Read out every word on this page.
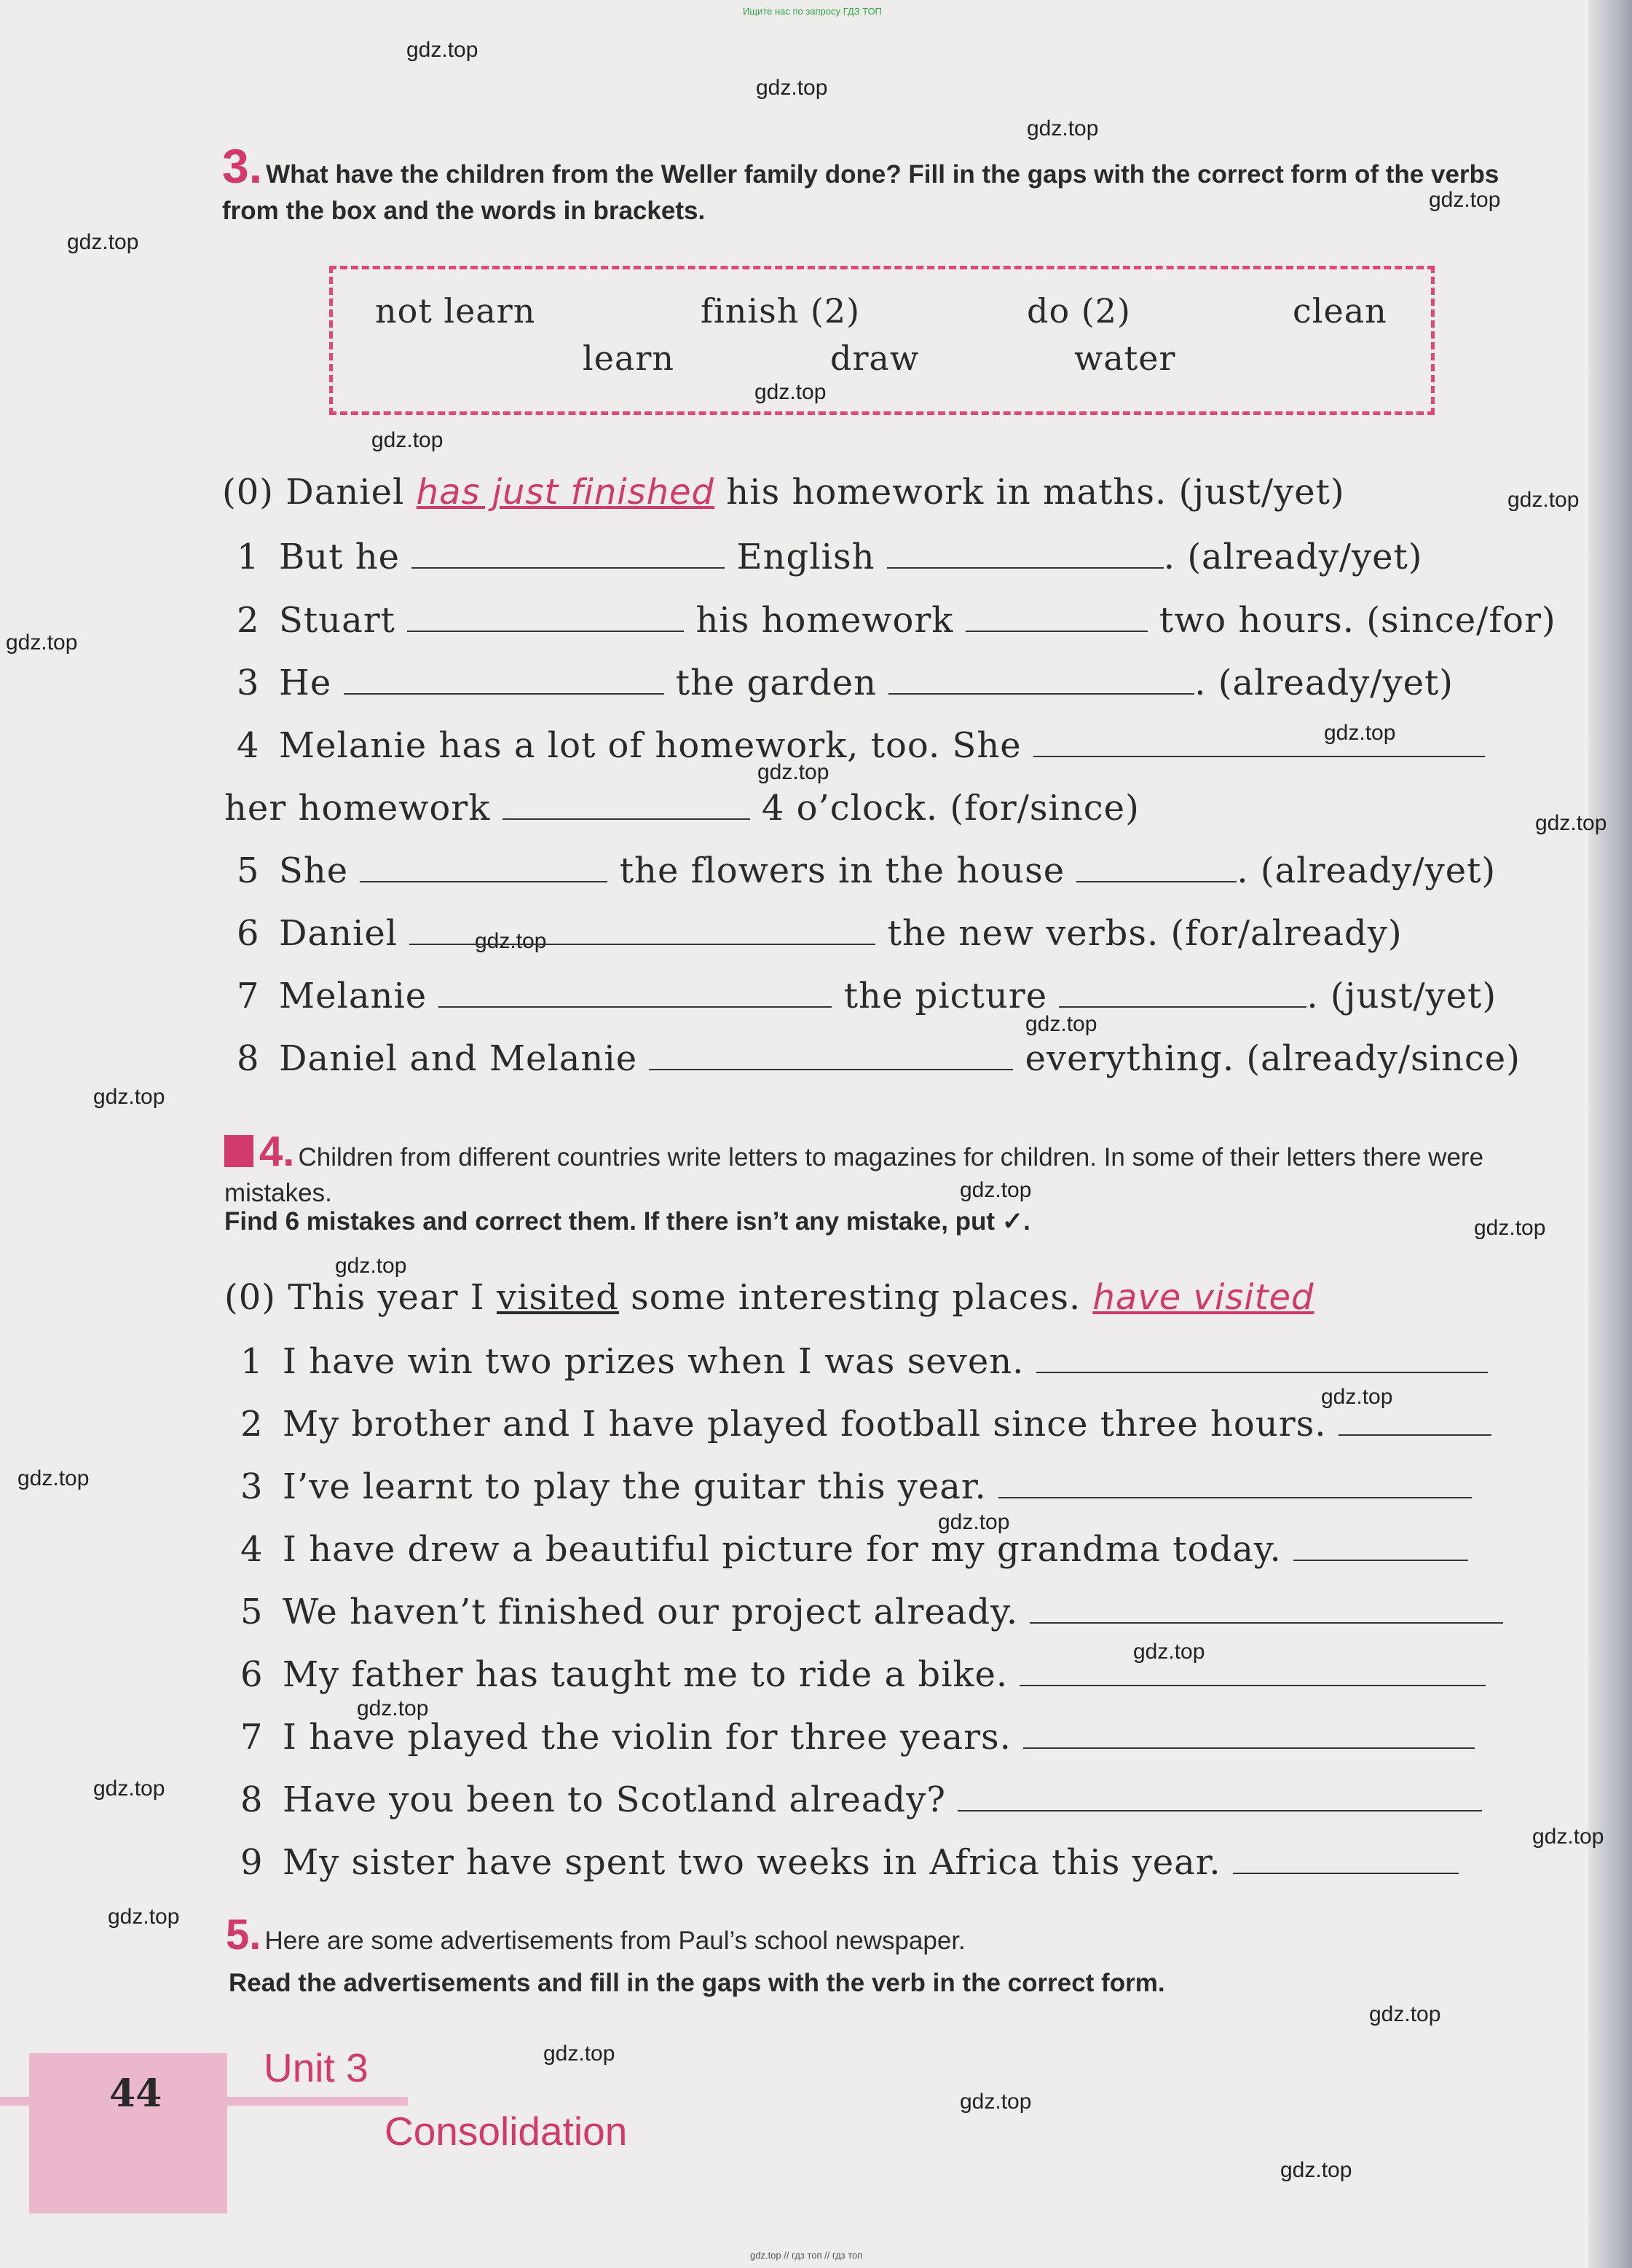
Ищите нас по запросу ГДЗ ТОП
gdz.top
gdz.top
gdz.top
gdz.top
gdz.top
gdz.top
gdz.top
gdz.top
gdz.top
gdz.top
gdz.top
gdz.top
gdz.top
gdz.top
gdz.top
gdz.top
gdz.top
gdz.top
gdz.top
gdz.top
gdz.top
gdz.top
gdz.top
gdz.top
gdz.top
gdz.top
gdz.top
gdz.top
gdz.top
gdz.top
3. What have the children from the Weller family done? Fill in the gaps with the correct form of the verbs from the box and the words in brackets.
not learn	finish (2)	do (2)	clean
learn	draw	water
(0) Daniel has just finished his homework in maths. (just/yet)
1 But he	English	. (already/yet)
2 Stuart	his homework	two hours. (since/for)
3 He	the garden	. (already/yet)
4 Melanie has a lot of homework, too. She
her homework	4 o’clock. (for/since)
5 She	the flowers in the house	. (already/yet)
6 Daniel	the new verbs. (for/already)
7 Melanie	the picture	. (just/yet)
8 Daniel and Melanie	everything. (already/since)
4. Children from different countries write letters to magazines for children. In some of their letters there were mistakes.
Find 6 mistakes and correct them. If there isn’t any mistake, put ✓.
(0) This year I visited some interesting places. have visited
1 I have win two prizes when I was seven.
2 My brother and I have played football since three hours.
3 I’ve learnt to play the guitar this year.
4 I have drew a beautiful picture for my grandma today.
5 We haven’t finished our project already.
6 My father has taught me to ride a bike.
7 I have played the violin for three years.
8 Have you been to Scotland already?
9 My sister have spent two weeks in Africa this year.
5. Here are some advertisements from Paul’s school newspaper.
Read the advertisements and fill in the gaps with the verb in the correct form.
44
Unit 3
Consolidation
gdz.top // гдз топ // гдз топ
